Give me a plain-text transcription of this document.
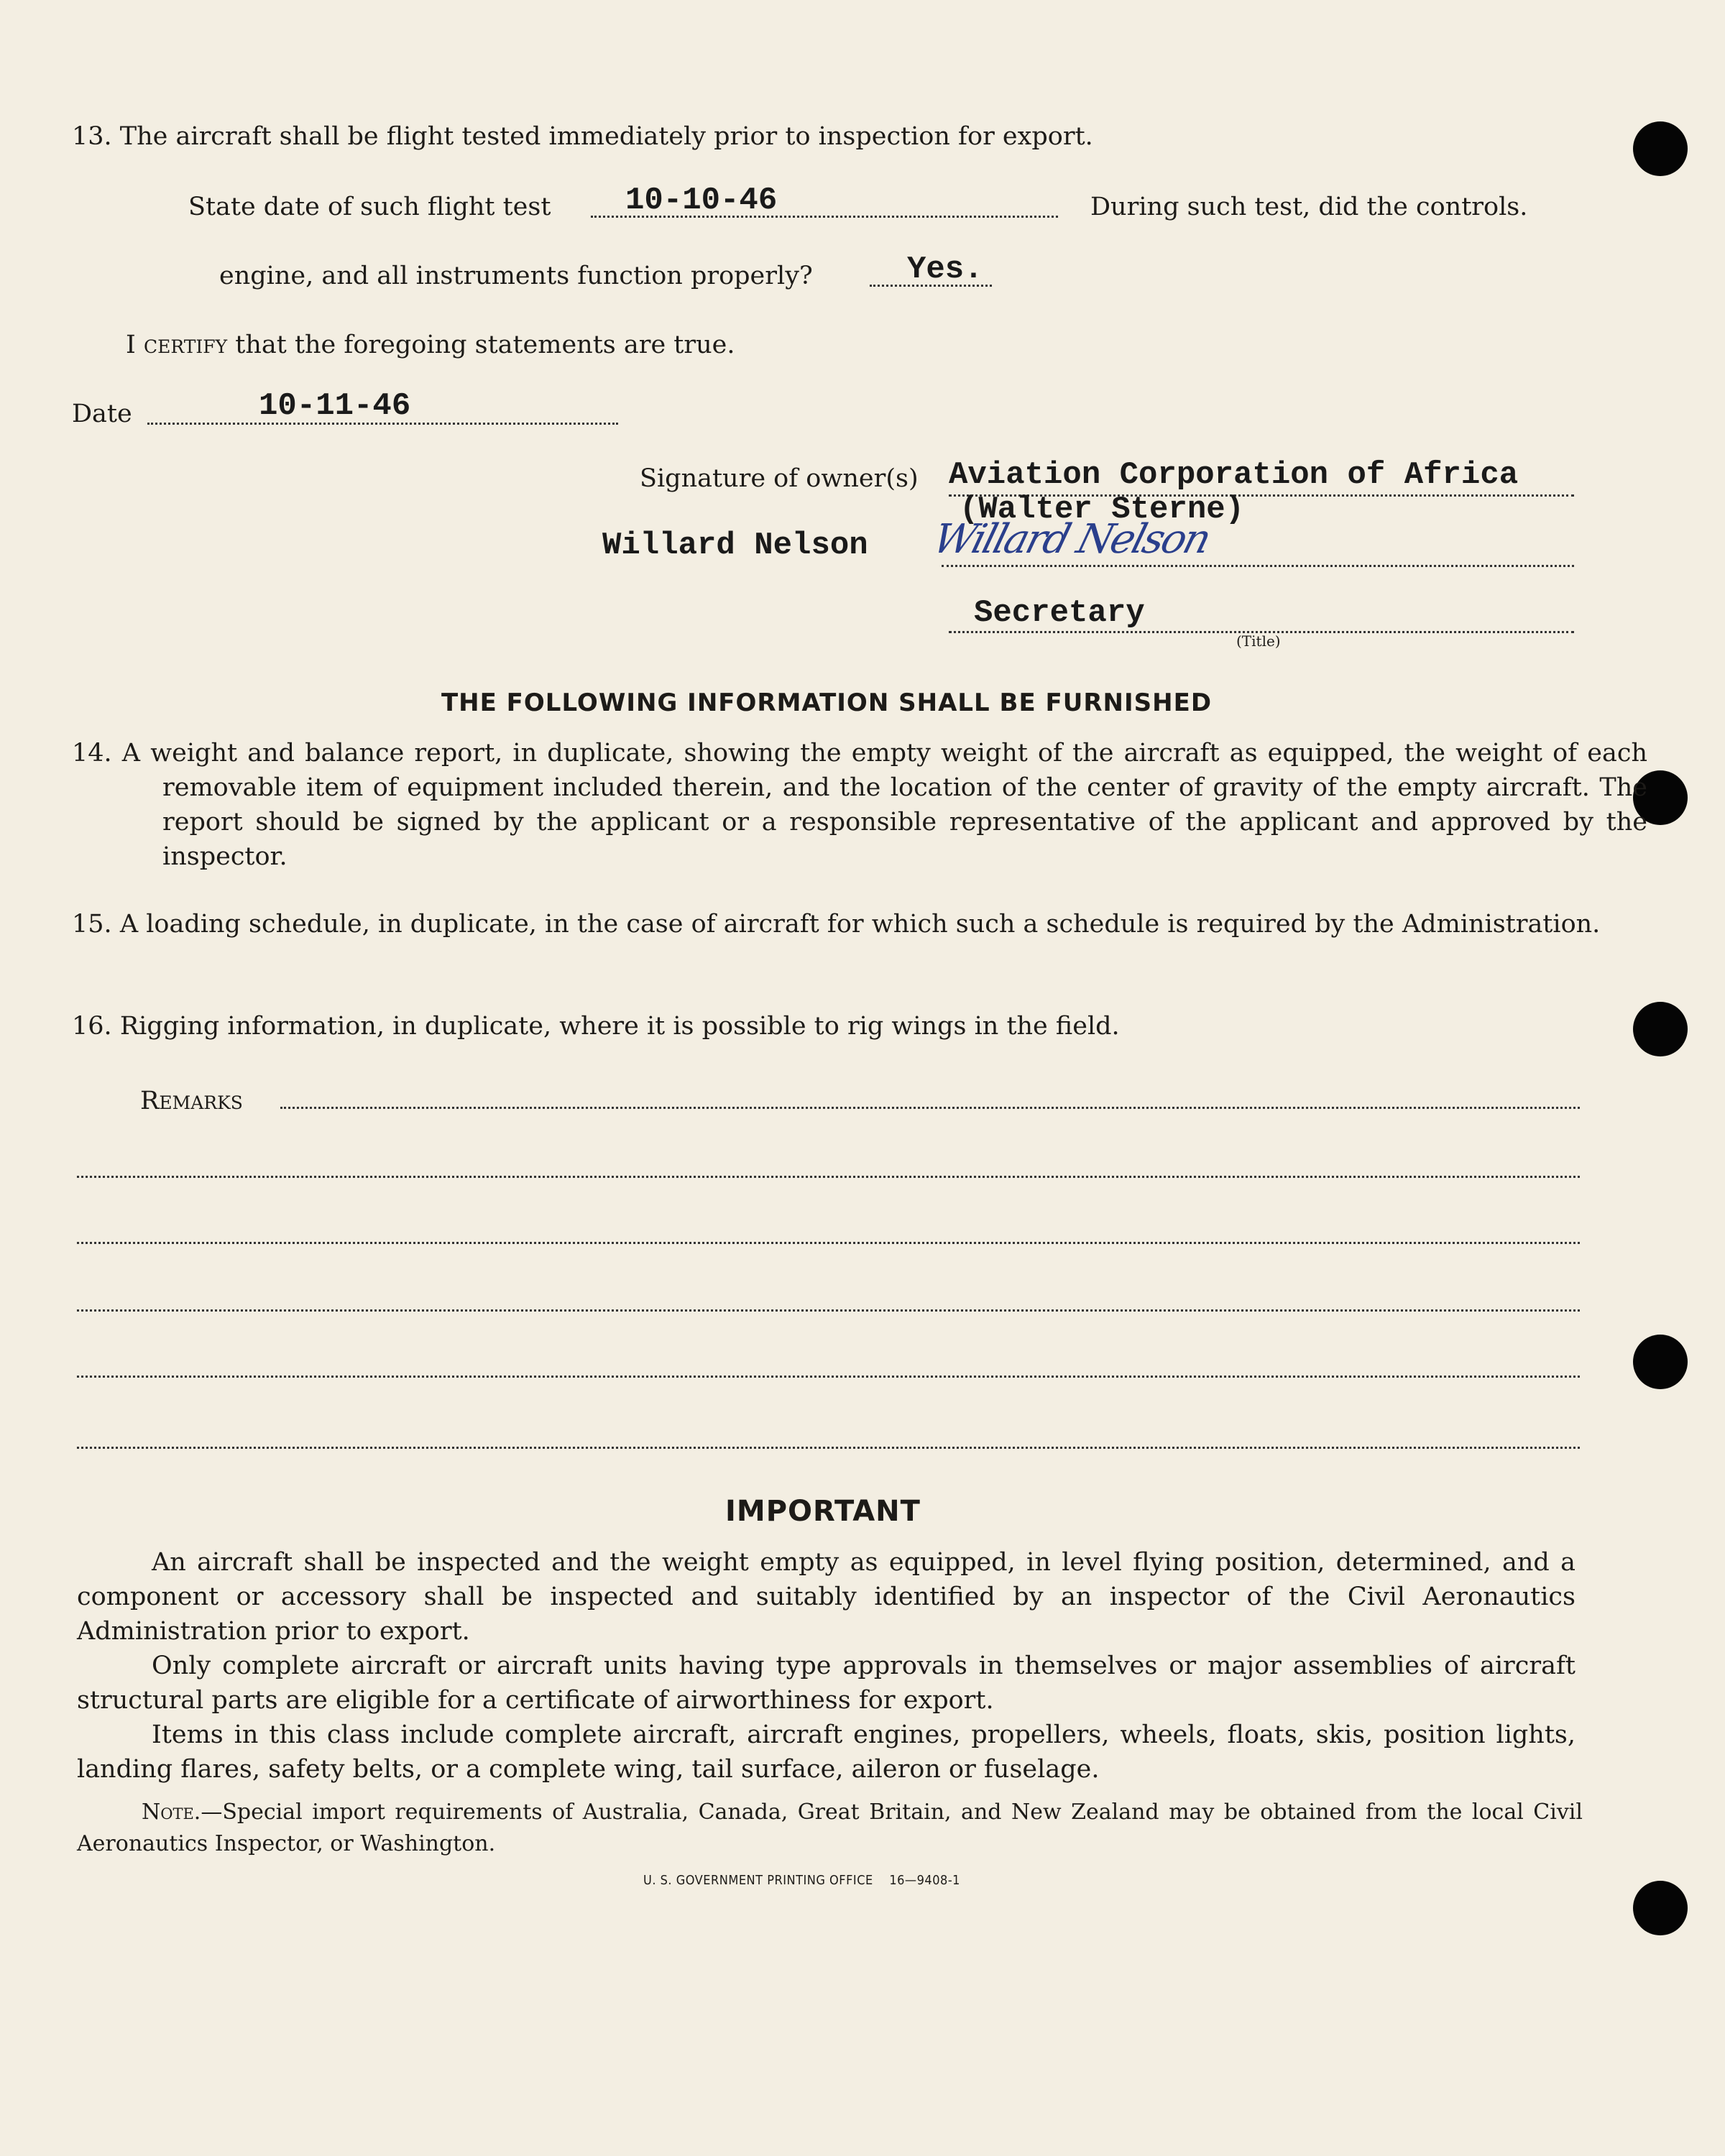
13. The aircraft shall be flight tested immediately prior to inspection for export.
State date of such flight test 10-10-46	During such test, did the controls.
engine, and all instruments function properly?	Yes.
I certify that the foregoing statements are true.
Date	10-11-46
Signature of owner(s) Aviation Corporation of Africa
(Walter Sterne)
Willard Nelson Willard Nelson
Secretary
(Title)
THE FOLLOWING INFORMATION SHALL BE FURNISHED
14. A weight and balance report, in duplicate, showing the empty weight of the aircraft as equipped, the weight of each removable item of equipment included therein, and the location of the center of gravity of the empty aircraft. The report should be signed by the applicant or a responsible representative of the applicant and approved by the inspector.
15. A loading schedule, in duplicate, in the case of aircraft for which such a schedule is required by the Administration.
16. Rigging information, in duplicate, where it is possible to rig wings in the field.
Remarks
IMPORTANT
An aircraft shall be inspected and the weight empty as equipped, in level flying position, determined, and a component or accessory shall be inspected and suitably identified by an inspector of the Civil Aeronautics Administration prior to export.
Only complete aircraft or aircraft units having type approvals in themselves or major assemblies of aircraft structural parts are eligible for a certificate of airworthiness for export.
Items in this class include complete aircraft, aircraft engines, propellers, wheels, floats, skis, position lights, landing flares, safety belts, or a complete wing, tail surface, aileron or fuselage.
Note.—Special import requirements of Australia, Canada, Great Britain, and New Zealand may be obtained from the local Civil Aeronautics Inspector, or Washington.
U. S. GOVERNMENT PRINTING OFFICE 16—9408-1
